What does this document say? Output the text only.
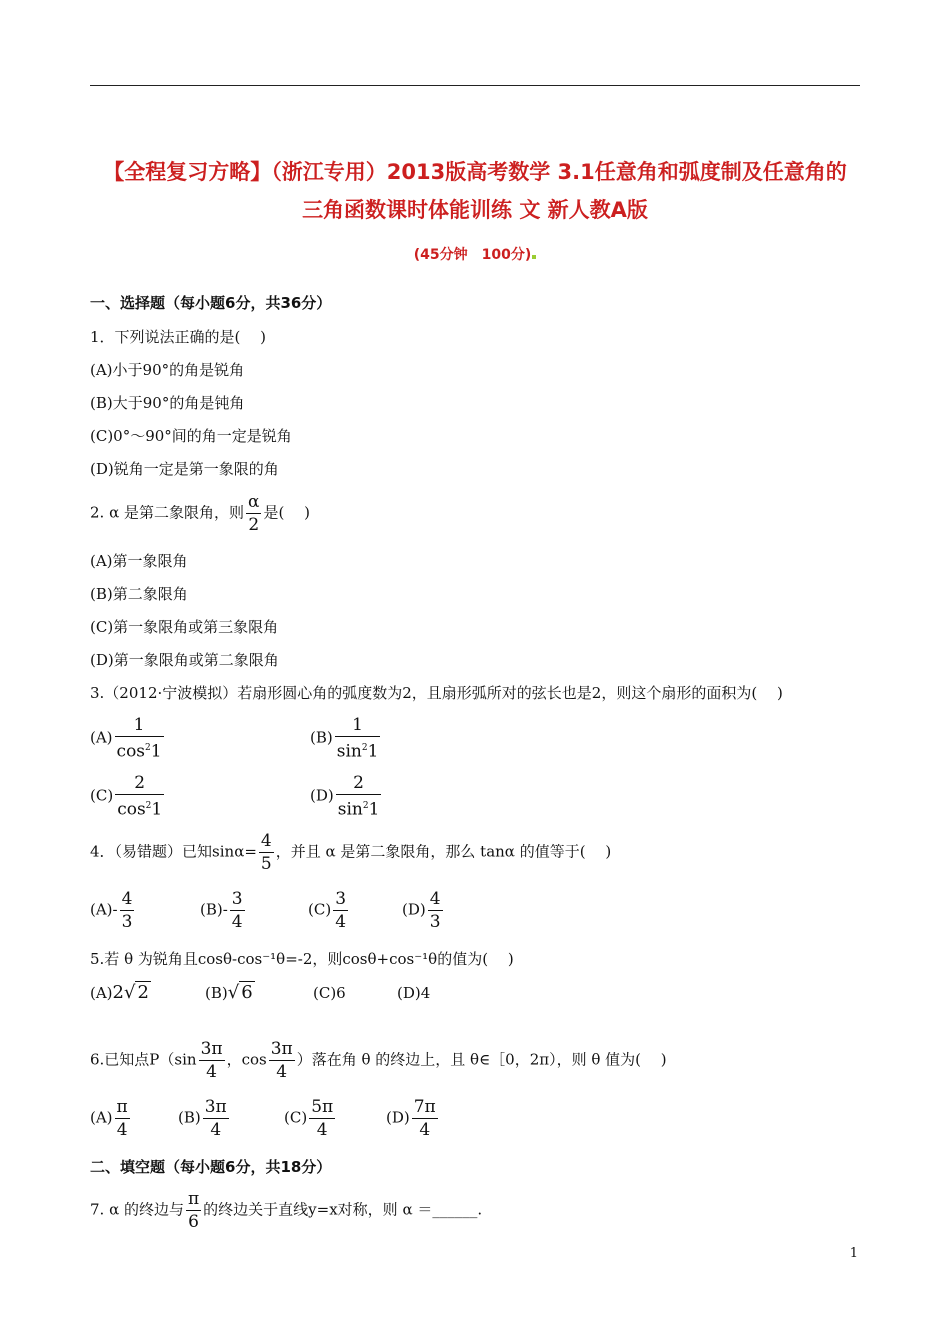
【全程复习方略】（浙江专用）2013版高考数学 3.1任意角和弧度制及任意角的
三角函数课时体能训练 文 新人教A版
(45分钟　100分)
一、选择题（每小题6分，共36分）
1．下列说法正确的是(　 )
(A)小于90°的角是锐角
(B)大于90°的角是钝角
(C)0°～90°间的角一定是锐角
(D)锐角一定是第一象限的角
2. α 是第二象限角，则 $\frac{\alpha}{2}$ 是(　 )
(A)第一象限角
(B)第二象限角
(C)第一象限角或第三象限角
(D)第一象限角或第二象限角
3.（2012·宁波模拟）若扇形圆心角的弧度数为2，且扇形弧所对的弦长也是2，则这个扇形的面积为(　 )
$(A) \frac{1}{\cos^21}$	$(B) \frac{1}{\sin^21}$
$(C) \frac{2}{\cos^21}$	$(D) \frac{2}{\sin^21}$
4．（易错题）已知$\sin\alpha= \frac{4}{5}$ ，并且 α 是第二象限角，那么 tanα 的值等于(　 )
$(A)- \frac{4}{3}$	$(B)- \frac{3}{4}$	$(C) \frac{3}{4}$	$(D) \frac{4}{3}$
5.若 θ 为锐角且cosθ-cos⁻¹θ=-2，则cosθ+cos⁻¹θ的值为(　 )
(A)2√ 2	(B)√ 6	(C)6	(D)4
6.已知点$P(\sin \frac{3\pi}{4}$ ，$\cos \frac{3\pi}{4}$ ）落在角 θ 的终边上，且 θ∈［0，2π），则 θ 值为(　 )
$(A) \frac{\pi}{4}$	$(B) \frac{3\pi}{4}$	$(C) \frac{5\pi}{4}$	$(D) \frac{7\pi}{4}$
二、填空题（每小题6分，共18分）
7. α 的终边与 $\frac{\pi}{6}$ 的终边关于直线y=x对称，则 α ＝______.
1
